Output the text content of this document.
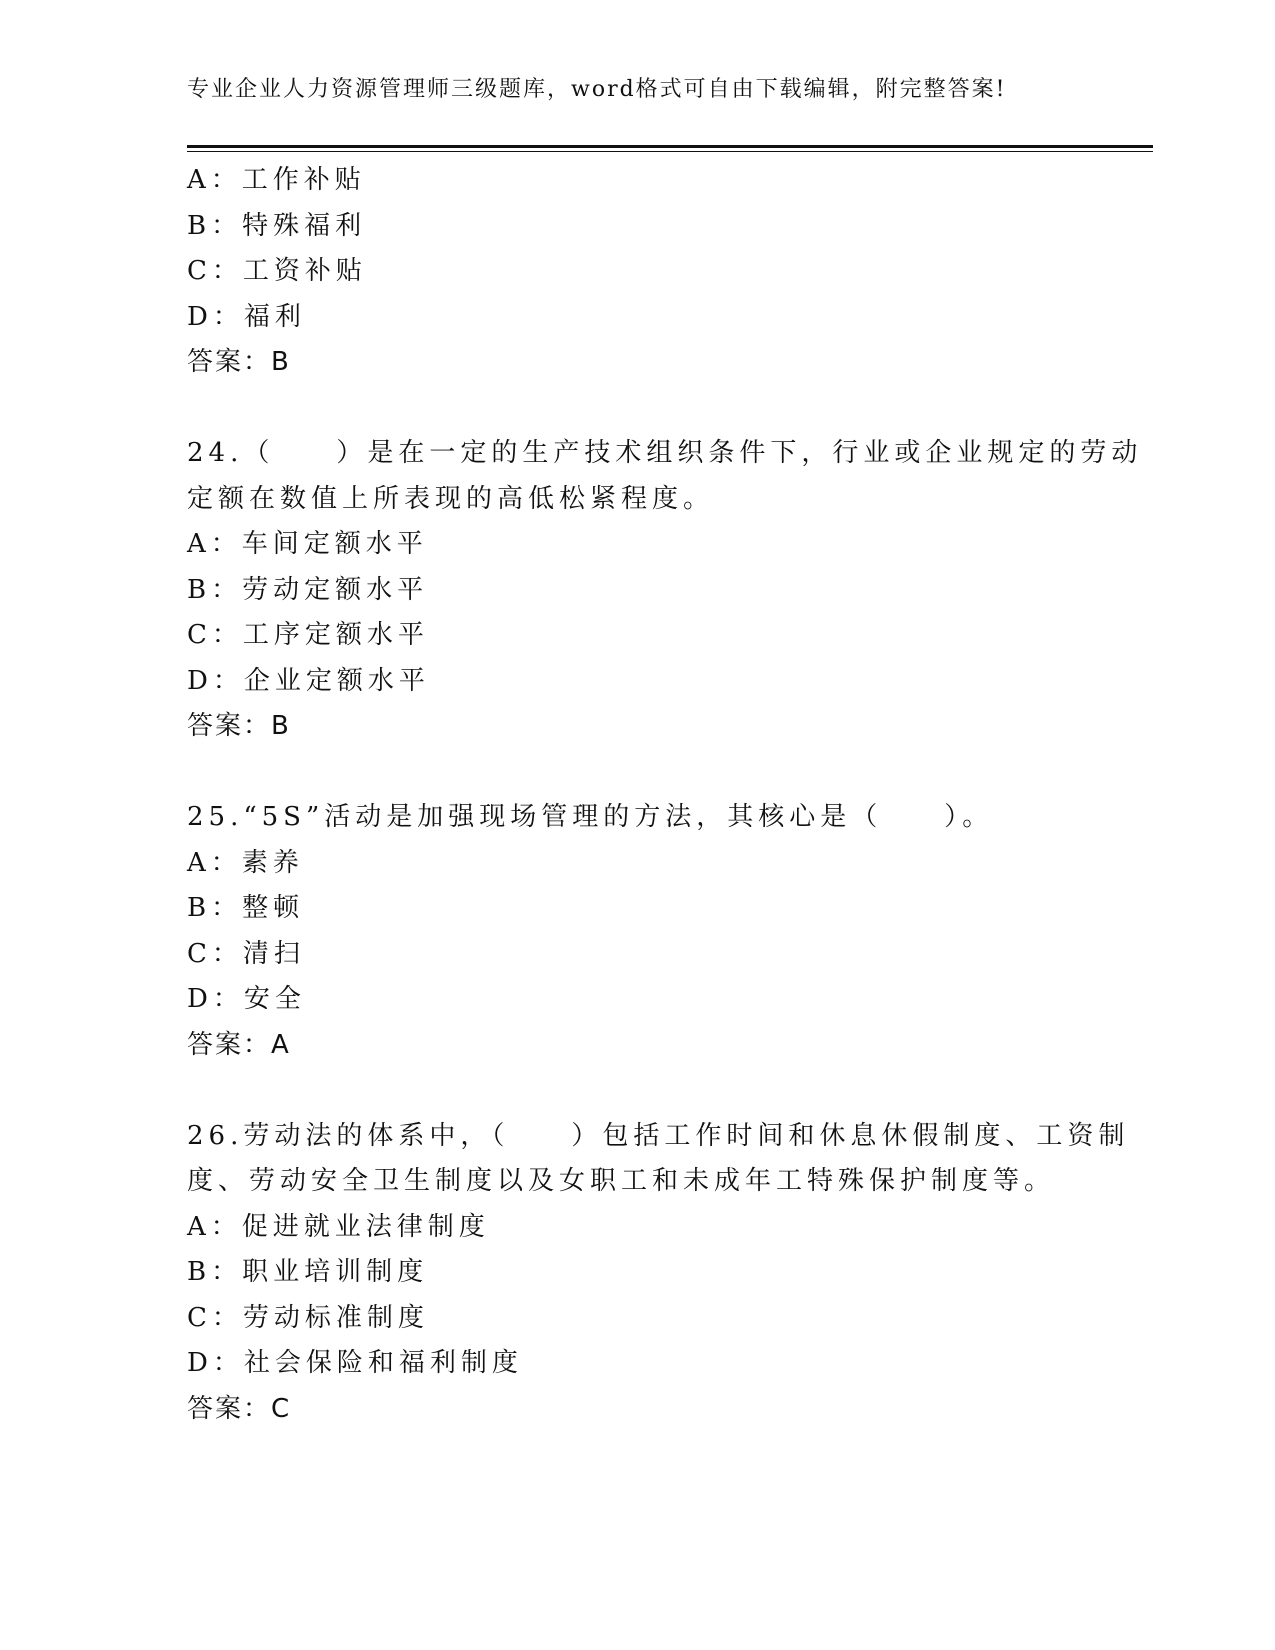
专业企业人力资源管理师三级题库，word格式可自由下载编辑，附完整答案!
A：工作补贴
B：特殊福利
C：工资补贴
D：福利
答案：B
24.（　　）是在一定的生产技术组织条件下，行业或企业规定的劳动
定额在数值上所表现的高低松紧程度。
A：车间定额水平
B：劳动定额水平
C：工序定额水平
D：企业定额水平
答案：B
25.“5S”活动是加强现场管理的方法，其核心是（　　）。
A：素养
B：整顿
C：清扫
D：安全
答案：A
26.劳动法的体系中，（　　）包括工作时间和休息休假制度、工资制
度、劳动安全卫生制度以及女职工和未成年工特殊保护制度等。
A：促进就业法律制度
B：职业培训制度
C：劳动标准制度
D：社会保险和福利制度
答案：C
